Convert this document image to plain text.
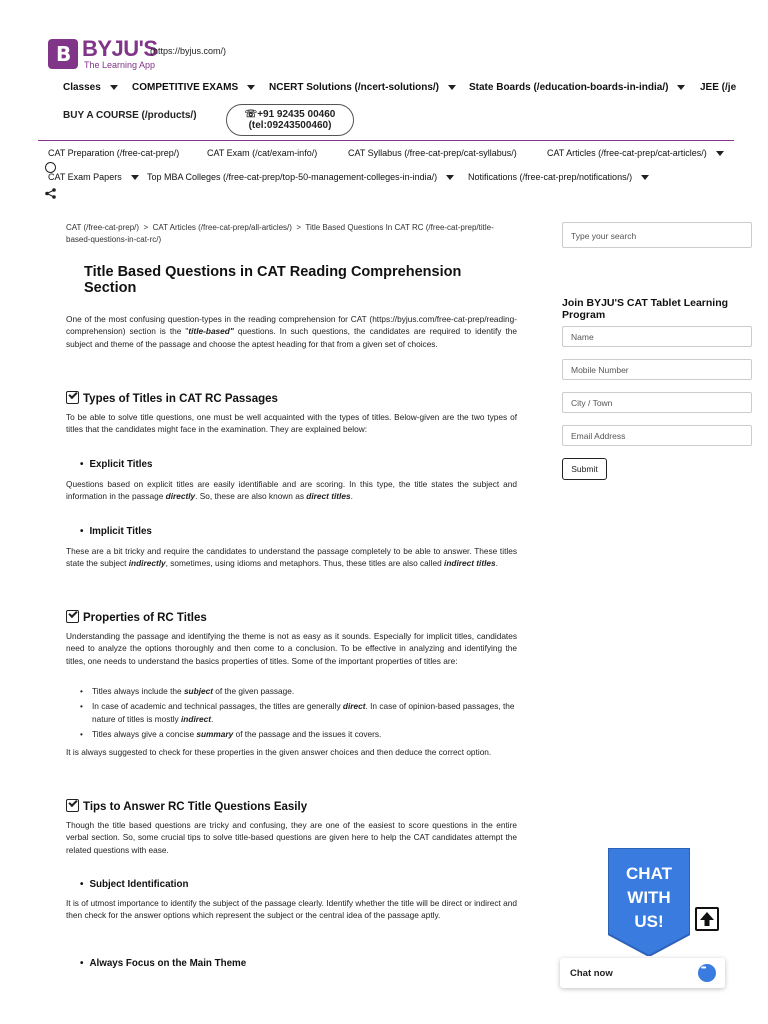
B BYJU'S
The Learning App
(https://byjus.com/)
Classes	COMPETITIVE EXAMS	NCERT Solutions (/ncert-solutions/)	State Boards (/education-boards-in-india/)	JEE (/je
BUY A COURSE (/products/)	☏+91 92435 00460
(tel:09243500460)
CAT Preparation (/free-cat-prep/)	CAT Exam (/cat/exam-info/)	CAT Syllabus (/free-cat-prep/cat-syllabus/)	CAT Articles (/free-cat-prep/cat-articles/)
CAT Exam Papers	Top MBA Colleges (/free-cat-prep/top-50-management-colleges-in-india/)	Notifications (/free-cat-prep/notifications/)
CAT (/free-cat-prep/) > CAT Articles (/free-cat-prep/all-articles/) > Title Based Questions In CAT RC (/free-cat-prep/title-based-questions-in-cat-rc/)
Title Based Questions in CAT Reading Comprehension Section
One of the most confusing question-types in the reading comprehension for CAT (https://byjus.com/free-cat-prep/reading-comprehension) section is the "title-based" questions. In such questions, the candidates are required to identify the subject and theme of the passage and choose the aptest heading for that from a given set of choices.
Types of Titles in CAT RC Passages
To be able to solve title questions, one must be well acquainted with the types of titles. Below-given are the two types of titles that the candidates might face in the examination. They are explained below:
• Explicit Titles
Questions based on explicit titles are easily identifiable and are scoring. In this type, the title states the subject and information in the passage directly. So, these are also known as direct titles.
• Implicit Titles
These are a bit tricky and require the candidates to understand the passage completely to be able to answer. These titles state the subject indirectly, sometimes, using idioms and metaphors. Thus, these titles are also called indirect titles.
Properties of RC Titles
Understanding the passage and identifying the theme is not as easy as it sounds. Especially for implicit titles, candidates need to analyze the options thoroughly and then come to a conclusion. To be effective in analyzing and identifying the titles, one needs to understand the basics properties of titles. Some of the important properties of titles are:
• Titles always include the subject of the given passage.
• In case of academic and technical passages, the titles are generally direct. In case of opinion-based passages, the nature of titles is mostly indirect.
• Titles always give a concise summary of the passage and the issues it covers.
It is always suggested to check for these properties in the given answer choices and then deduce the correct option.
Tips to Answer RC Title Questions Easily
Though the title based questions are tricky and confusing, they are one of the easiest to score questions in the entire verbal section. So, some crucial tips to solve title-based questions are given here to help the CAT candidates attempt the related questions with ease.
• Subject Identification
It is of utmost importance to identify the subject of the passage clearly. Identify whether the title will be direct or indirect and then check for the answer options which represent the subject or the central idea of the passage aptly.
• Always Focus on the Main Theme
Type your search
Join BYJU'S CAT Tablet Learning Program
Name
Mobile Number
City / Town
Email Address
Submit
CHAT
WITH
US!
Chat now
•••
